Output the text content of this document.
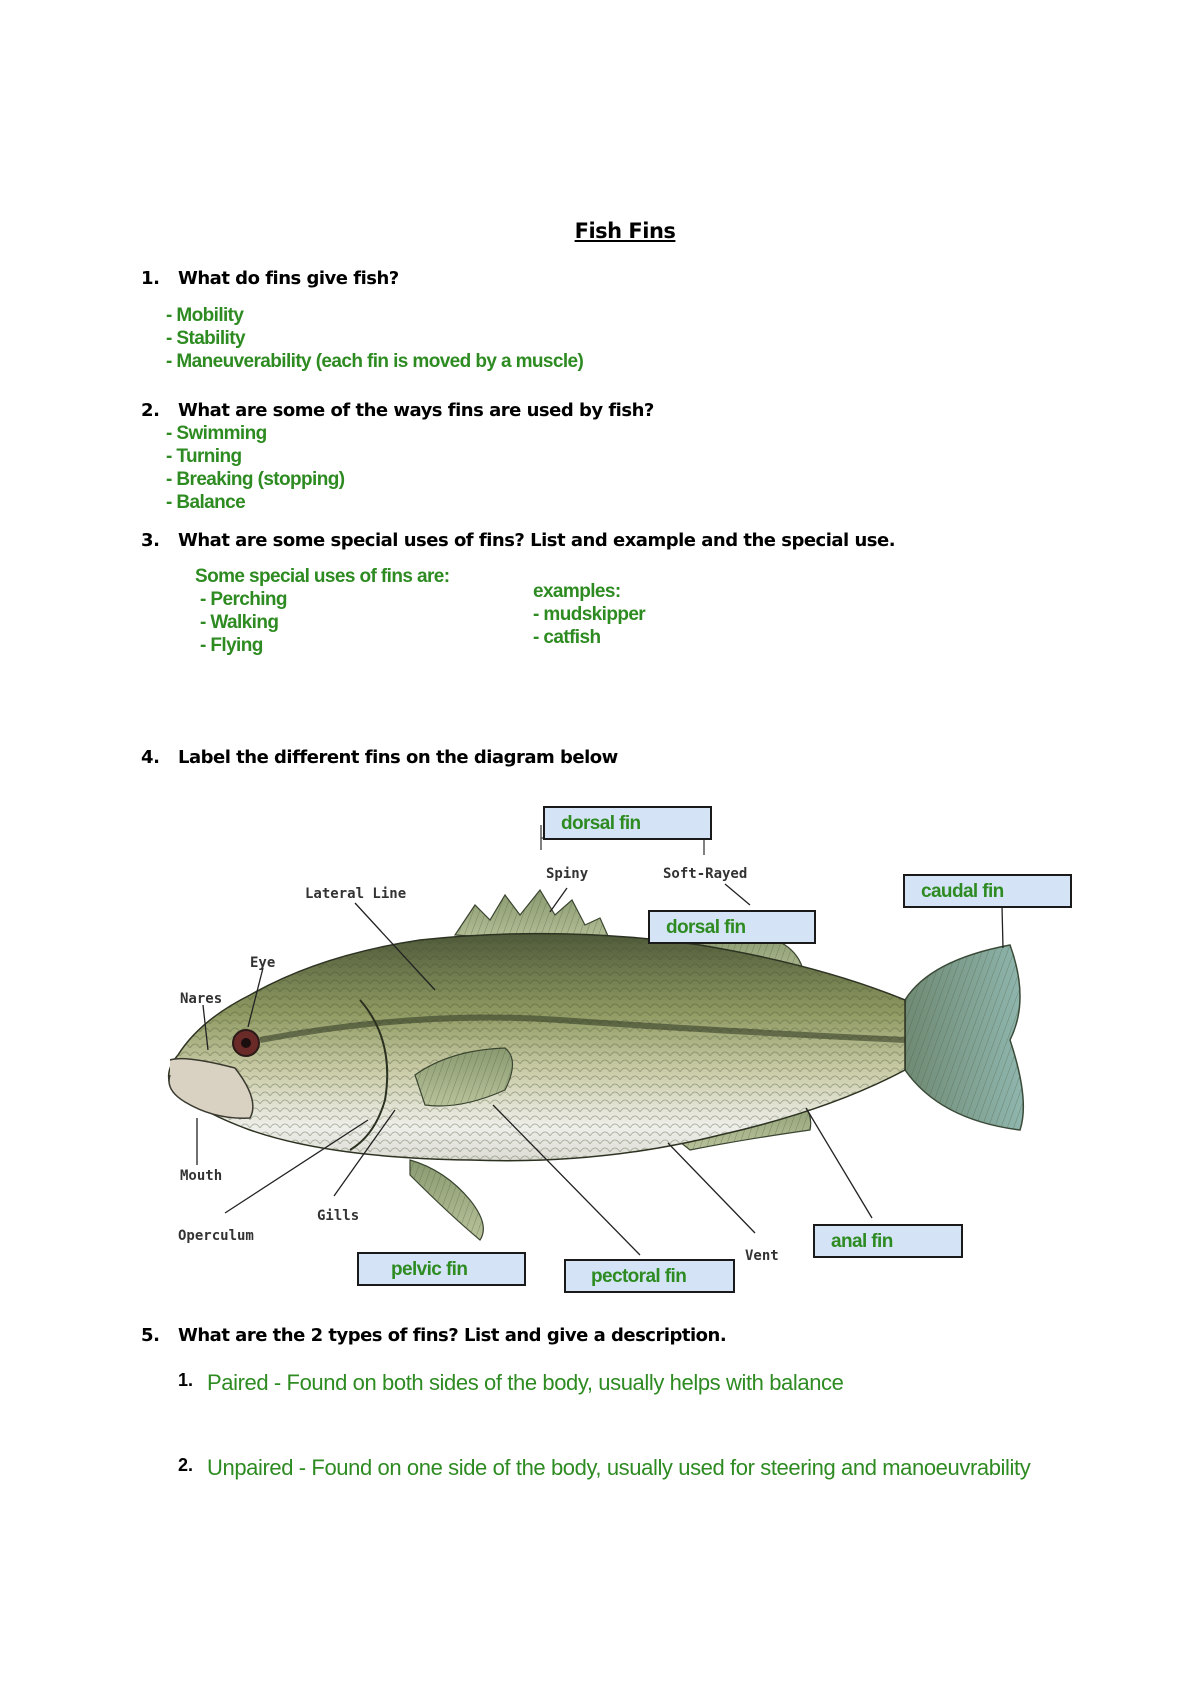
Fish Fins
1. What do fins give fish?
- Mobility
- Stability
- Maneuverability (each fin is moved by a muscle)
2. What are some of the ways fins are used by fish?
- Swimming
- Turning
- Breaking (stopping)
- Balance
3. What are some special uses of fins? List and example and the special use.
Some special uses of fins are:
- Perching
- Walking
- Flying
examples:
- mudskipper
- catfish
4. Label the different fins on the diagram below
Spiny	Soft-Rayed
Lateral Line
Eye
Nares
Mouth
Operculum
Gills
Vent
dorsal fin
dorsal fin
caudal fin
anal fin
pelvic fin	pectoral fin
5. What are the 2 types of fins? List and give a description.
1. Paired - Found on both sides of the body, usually helps with balance
2. Unpaired - Found on one side of the body, usually used for steering and manoeuvrability
